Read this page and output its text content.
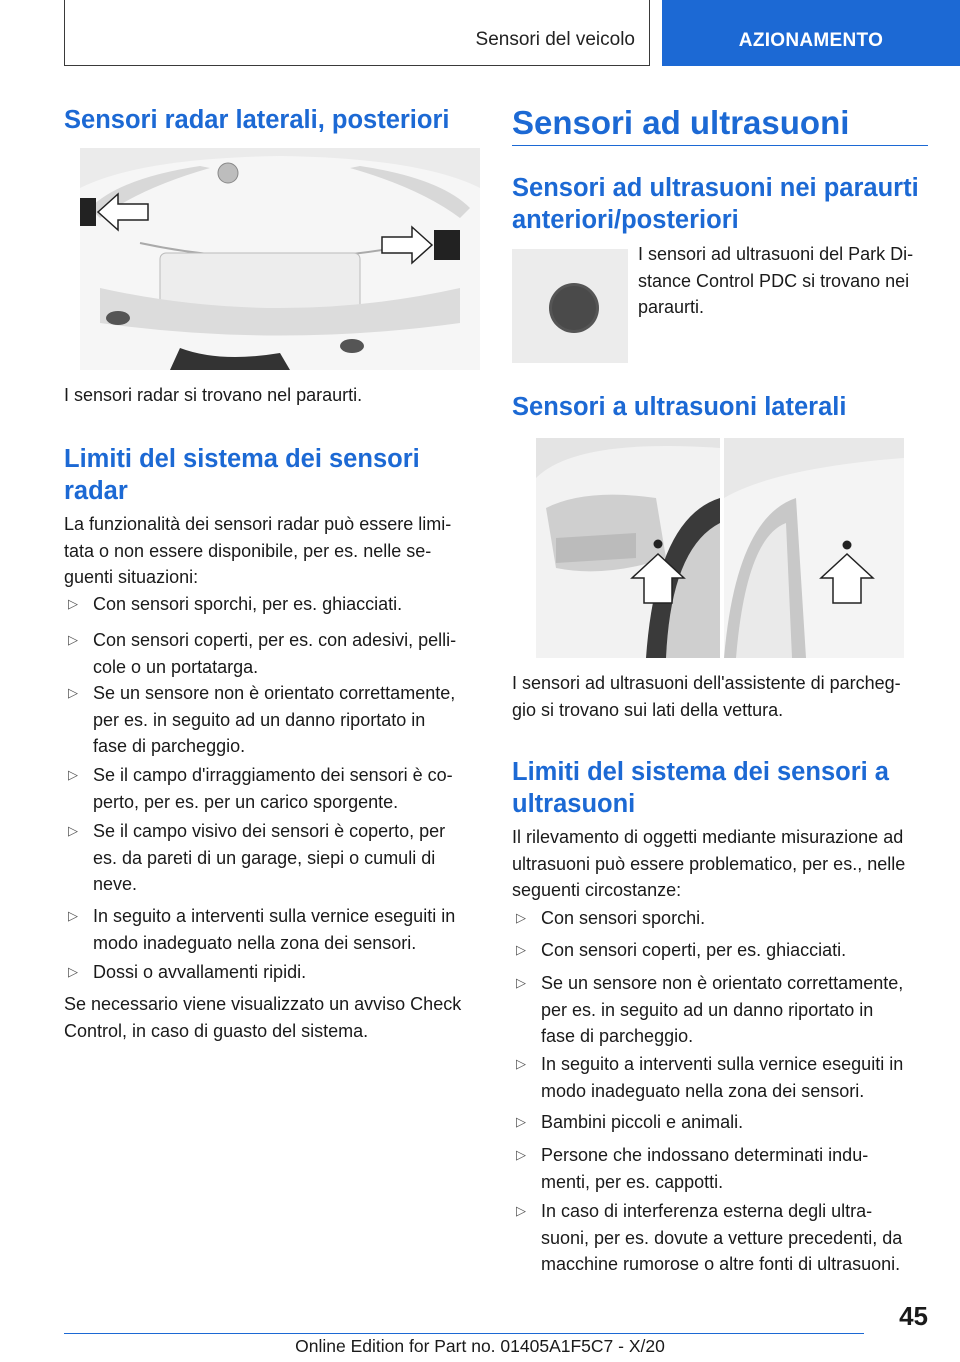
Sensori del veicolo	AZIONAMENTO
Sensori radar laterali, posteriori
I sensori radar si trovano nel paraurti.
Limiti del sistema dei sensori
radar
La funzionalità dei sensori radar può essere limi-
tata o non essere disponibile, per es. nelle se-
guenti situazioni:
▷ Con sensori sporchi, per es. ghiacciati.
▷ Con sensori coperti, per es. con adesivi, pelli-
cole o un portatarga.
▷ Se un sensore non è orientato correttamente,
per es. in seguito ad un danno riportato in
fase di parcheggio.
▷ Se il campo d'irraggiamento dei sensori è co-
perto, per es. per un carico sporgente.
▷ Se il campo visivo dei sensori è coperto, per
es. da pareti di un garage, siepi o cumuli di
neve.
▷ In seguito a interventi sulla vernice eseguiti in
modo inadeguato nella zona dei sensori.
▷ Dossi o avvallamenti ripidi.
Se necessario viene visualizzato un avviso Check
Control, in caso di guasto del sistema.
Sensori ad ultrasuoni
Sensori ad ultrasuoni nei paraurti
anteriori/posteriori
I sensori ad ultrasuoni del Park Di-
stance Control PDC si trovano nei
paraurti.
Sensori a ultrasuoni laterali
I sensori ad ultrasuoni dell'assistente di parcheg-
gio si trovano sui lati della vettura.
Limiti del sistema dei sensori a
ultrasuoni
Il rilevamento di oggetti mediante misurazione ad
ultrasuoni può essere problematico, per es., nelle
seguenti circostanze:
▷ Con sensori sporchi.
▷ Con sensori coperti, per es. ghiacciati.
▷ Se un sensore non è orientato correttamente,
per es. in seguito ad un danno riportato in
fase di parcheggio.
▷ In seguito a interventi sulla vernice eseguiti in
modo inadeguato nella zona dei sensori.
▷ Bambini piccoli e animali.
▷ Persone che indossano determinati indu-
menti, per es. cappotti.
▷ In caso di interferenza esterna degli ultra-
suoni, per es. dovute a vetture precedenti, da
macchine rumorose o altre fonti di ultrasuoni.
45
Online Edition for Part no. 01405A1F5C7 - X/20
